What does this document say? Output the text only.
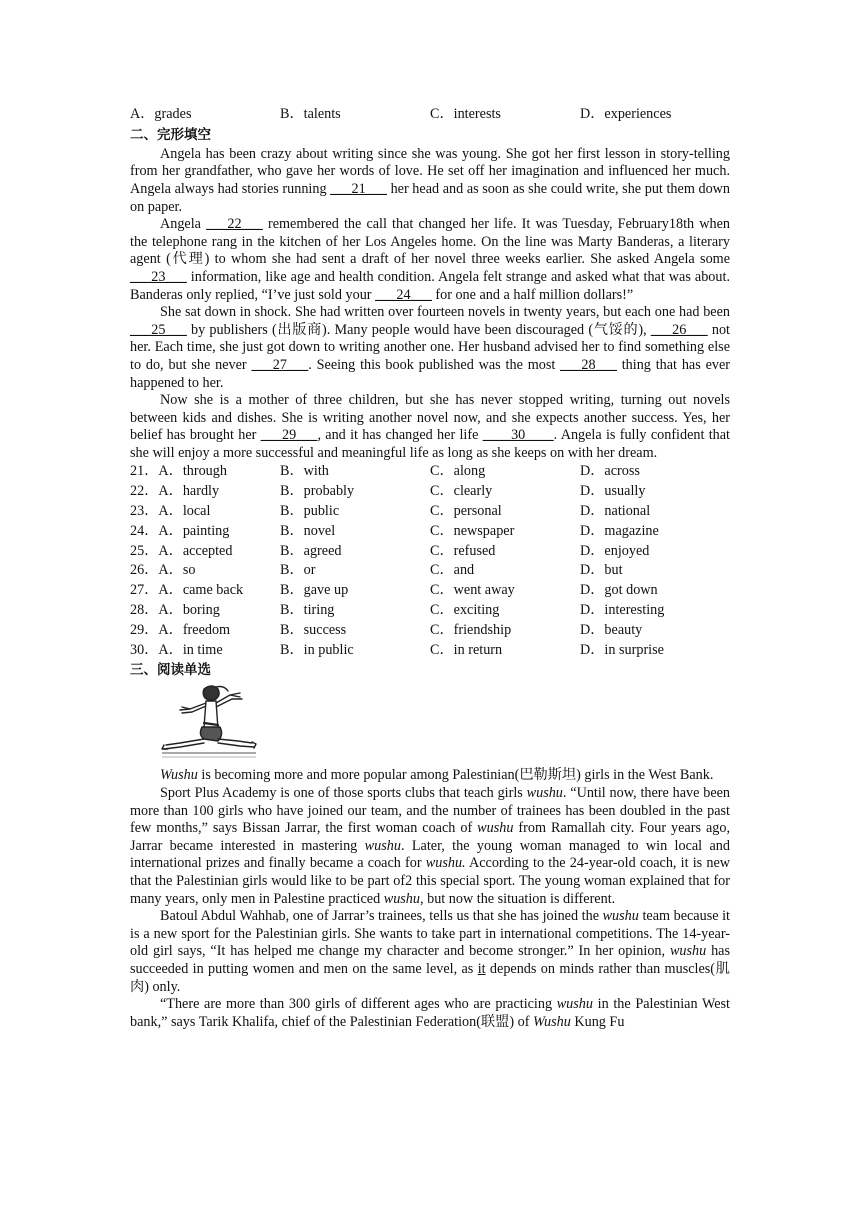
A．grades	B．talents	C．interests	D．experiences
二、完形填空

Angela has been crazy about writing since she was young. She got her first lesson in story-telling from her grandfather, who gave her words of love. He set off her imagination and influenced her much. Angela always had stories running ___21___ her head and as soon as she could write, she put them down on paper.

Angela ___22___ remembered the call that changed her life. It was Tuesday, February18th when the telephone rang in the kitchen of her Los Angeles home. On the line was Marty Banderas, a literary agent (代理) to whom she had sent a draft of her novel three weeks earlier. She asked Angela some ___23___ information, like age and health condition. Angela felt strange and asked what that was about. Banderas only replied, “I’ve just sold your ___24___ for one and a half million dollars!”

She sat down in shock. She had written over fourteen novels in twenty years, but each one had been ___25___ by publishers (出版商). Many people would have been discouraged (气馁的), ___26___ not her. Each time, she just got down to writing another one. Her husband advised her to find something else to do, but she never ___27___. Seeing this book published was the most ___28___ thing that has ever happened to her.

Now she is a mother of three children, but she has never stopped writing, turning out novels between kids and dishes. She is writing another novel now, and she expects another success. Yes, her belief has brought her ___29___, and it has changed her life ____30____. Angela is fully confident that she will enjoy a more successful and meaningful life as long as she keeps on with her dream.

21．A．through	B．with	C．along	D．across
22．A．hardly	B．probably	C．clearly	D．usually
23．A．local	B．public	C．personal	D．national
24．A．painting	B．novel	C．newspaper	D．magazine
25．A．accepted	B．agreed	C．refused	D．enjoyed
26．A．so	B．or	C．and	D．but
27．A．came back	B．gave up	C．went away	D．got down
28．A．boring	B．tiring	C．exciting	D．interesting
29．A．freedom	B．success	C．friendship	D．beauty
30．A．in time	B．in public	C．in return	D．in surprise
三、阅读单选

Wushu is becoming more and more popular among Palestinian(巴勒斯坦) girls in the West Bank.

Sport Plus Academy is one of those sports clubs that teach girls wushu. “Until now, there have been more than 100 girls who have joined our team, and the number of trainees has been doubled in the past few months,” says Bissan Jarrar, the first woman coach of wushu from Ramallah city. Four years ago, Jarrar became interested in mastering wushu. Later, the young woman managed to win local and international prizes and finally became a coach for wushu. According to the 24-year-old coach, it is new that the Palestinian girls would like to be part of2 this special sport. The young woman explained that for many years, only men in Palestine practiced wushu, but now the situation is different.

Batoul Abdul Wahhab, one of Jarrar’s trainees, tells us that she has joined the wushu team because it is a new sport for the Palestinian girls. She wants to take part in international competitions. The 14-year-old girl says, “It has helped me change my character and become stronger.” In her opinion, wushu has succeeded in putting women and men on the same level, as it depends on minds rather than muscles(肌肉) only.

“There are more than 300 girls of different ages who are practicing wushu in the Palestinian West bank,” says Tarik Khalifa, chief of the Palestinian Federation(联盟) of Wushu Kung Fu
